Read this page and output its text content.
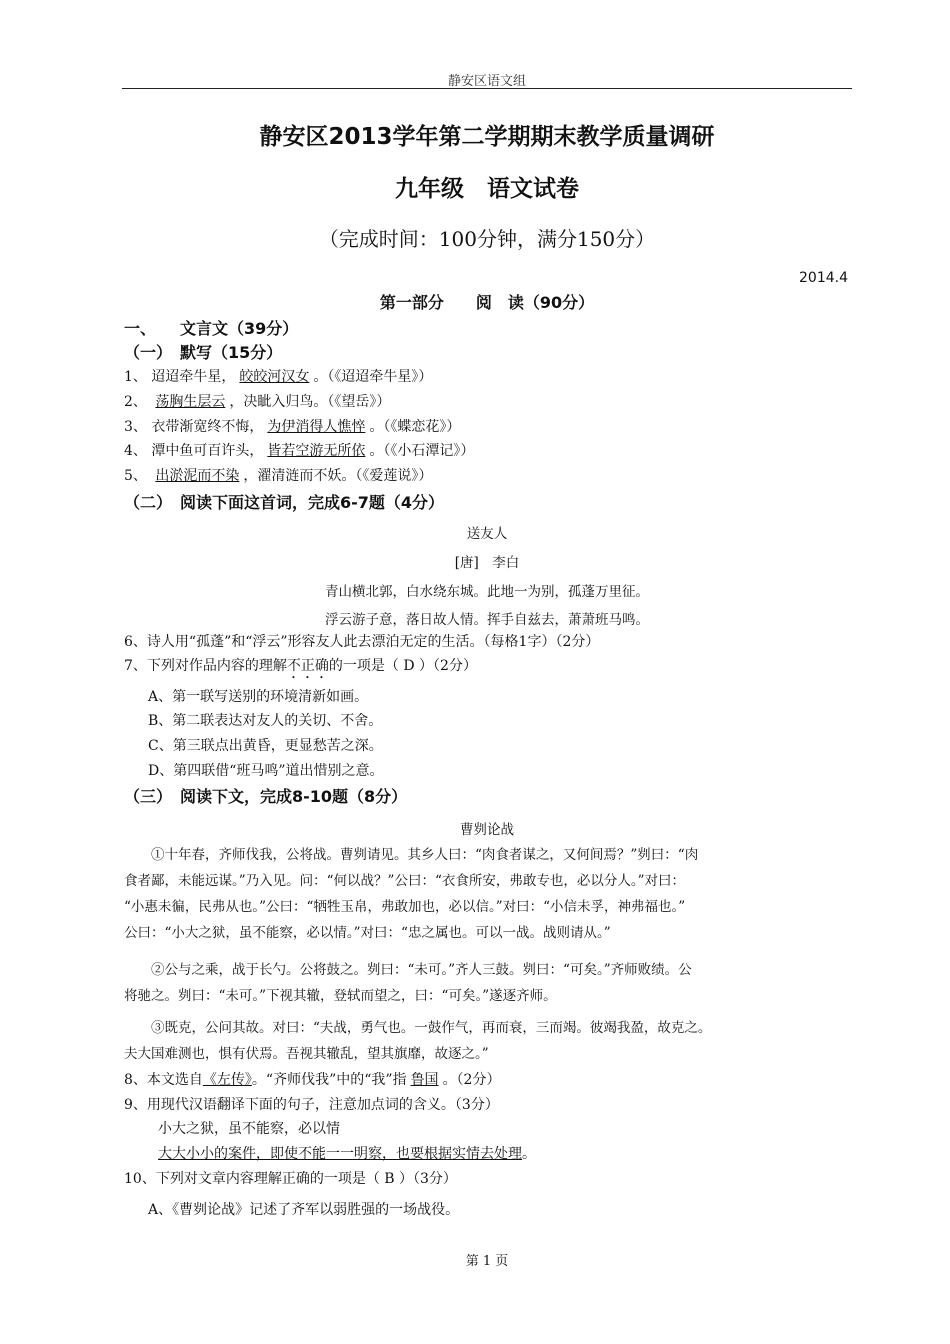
静安区语文组
静安区2013学年第二学期期末教学质量调研
九年级　语文试卷
（完成时间：100分钟，满分150分）
2014.4
第一部分　　阅　读（90分）
一、　　文言文（39分）
（一）　默写（15分）
1、 迢迢牵牛星， 皎皎河汉女 。（《迢迢牵牛星》）
2、 荡胸生层云 ，决眦入归鸟。（《望岳》）
3、 衣带渐宽终不悔， 为伊消得人憔悴 。（《蝶恋花》）
4、 潭中鱼可百许头， 皆若空游无所依 。（《小石潭记》）
5、 出淤泥而不染 ，濯清涟而不妖。（《爱莲说》）
（二）　阅读下面这首词，完成6-7题（4分）
送友人
[唐]　李白
青山横北郭，白水绕东城。此地一为别，孤蓬万里征。
浮云游子意，落日故人情。挥手自兹去，萧萧班马鸣。
6、诗人用“孤蓬”和“浮云”形容友人此去漂泊无定的生活。（每格1字）（2分）
7、下列对作品内容的理解不正确的一项是（ D ）（2分）
A、第一联写送别的环境清新如画。
B、第二联表达对友人的关切、不舍。
C、第三联点出黄昏，更显愁苦之深。
D、第四联借“班马鸣”道出惜别之意。
（三）　阅读下文，完成8-10题（8分）
曹刿论战
　　①十年春，齐师伐我，公将战。曹刿请见。其乡人曰：“肉食者谋之，又何间焉？”刿曰：“肉
食者鄙，未能远谋。”乃入见。问：“何以战？”公曰：“衣食所安，弗敢专也，必以分人。”对曰：
“小惠未徧，民弗从也。”公曰：“牺牲玉帛，弗敢加也，必以信。”对曰：“小信未孚，神弗福也。”
公曰：“小大之狱，虽不能察，必以情。”对曰：“忠之属也。可以一战。战则请从。”
　　②公与之乘，战于长勺。公将鼓之。刿曰：“未可。”齐人三鼓。刿曰：“可矣。”齐师败绩。公
将驰之。刿曰：“未可。”下视其辙，登轼而望之，曰：“可矣。”遂逐齐师。
　　③既克，公问其故。对曰：“夫战，勇气也。一鼓作气，再而衰，三而竭。彼竭我盈，故克之。
夫大国难测也，惧有伏焉。吾视其辙乱，望其旗靡，故逐之。”
8、本文选自《左传》。“齐师伐我”中的“我”指 鲁国 。（2分）
9、用现代汉语翻译下面的句子，注意加点词的含义。（3分）
小大之狱，虽不能察，必以情
大大小小的案件，即使不能一一明察，也要根据实情去处理。
10、下列对文章内容理解正确的一项是（ B ）（3分）
A、《曹刿论战》记述了齐军以弱胜强的一场战役。
第 1 页
